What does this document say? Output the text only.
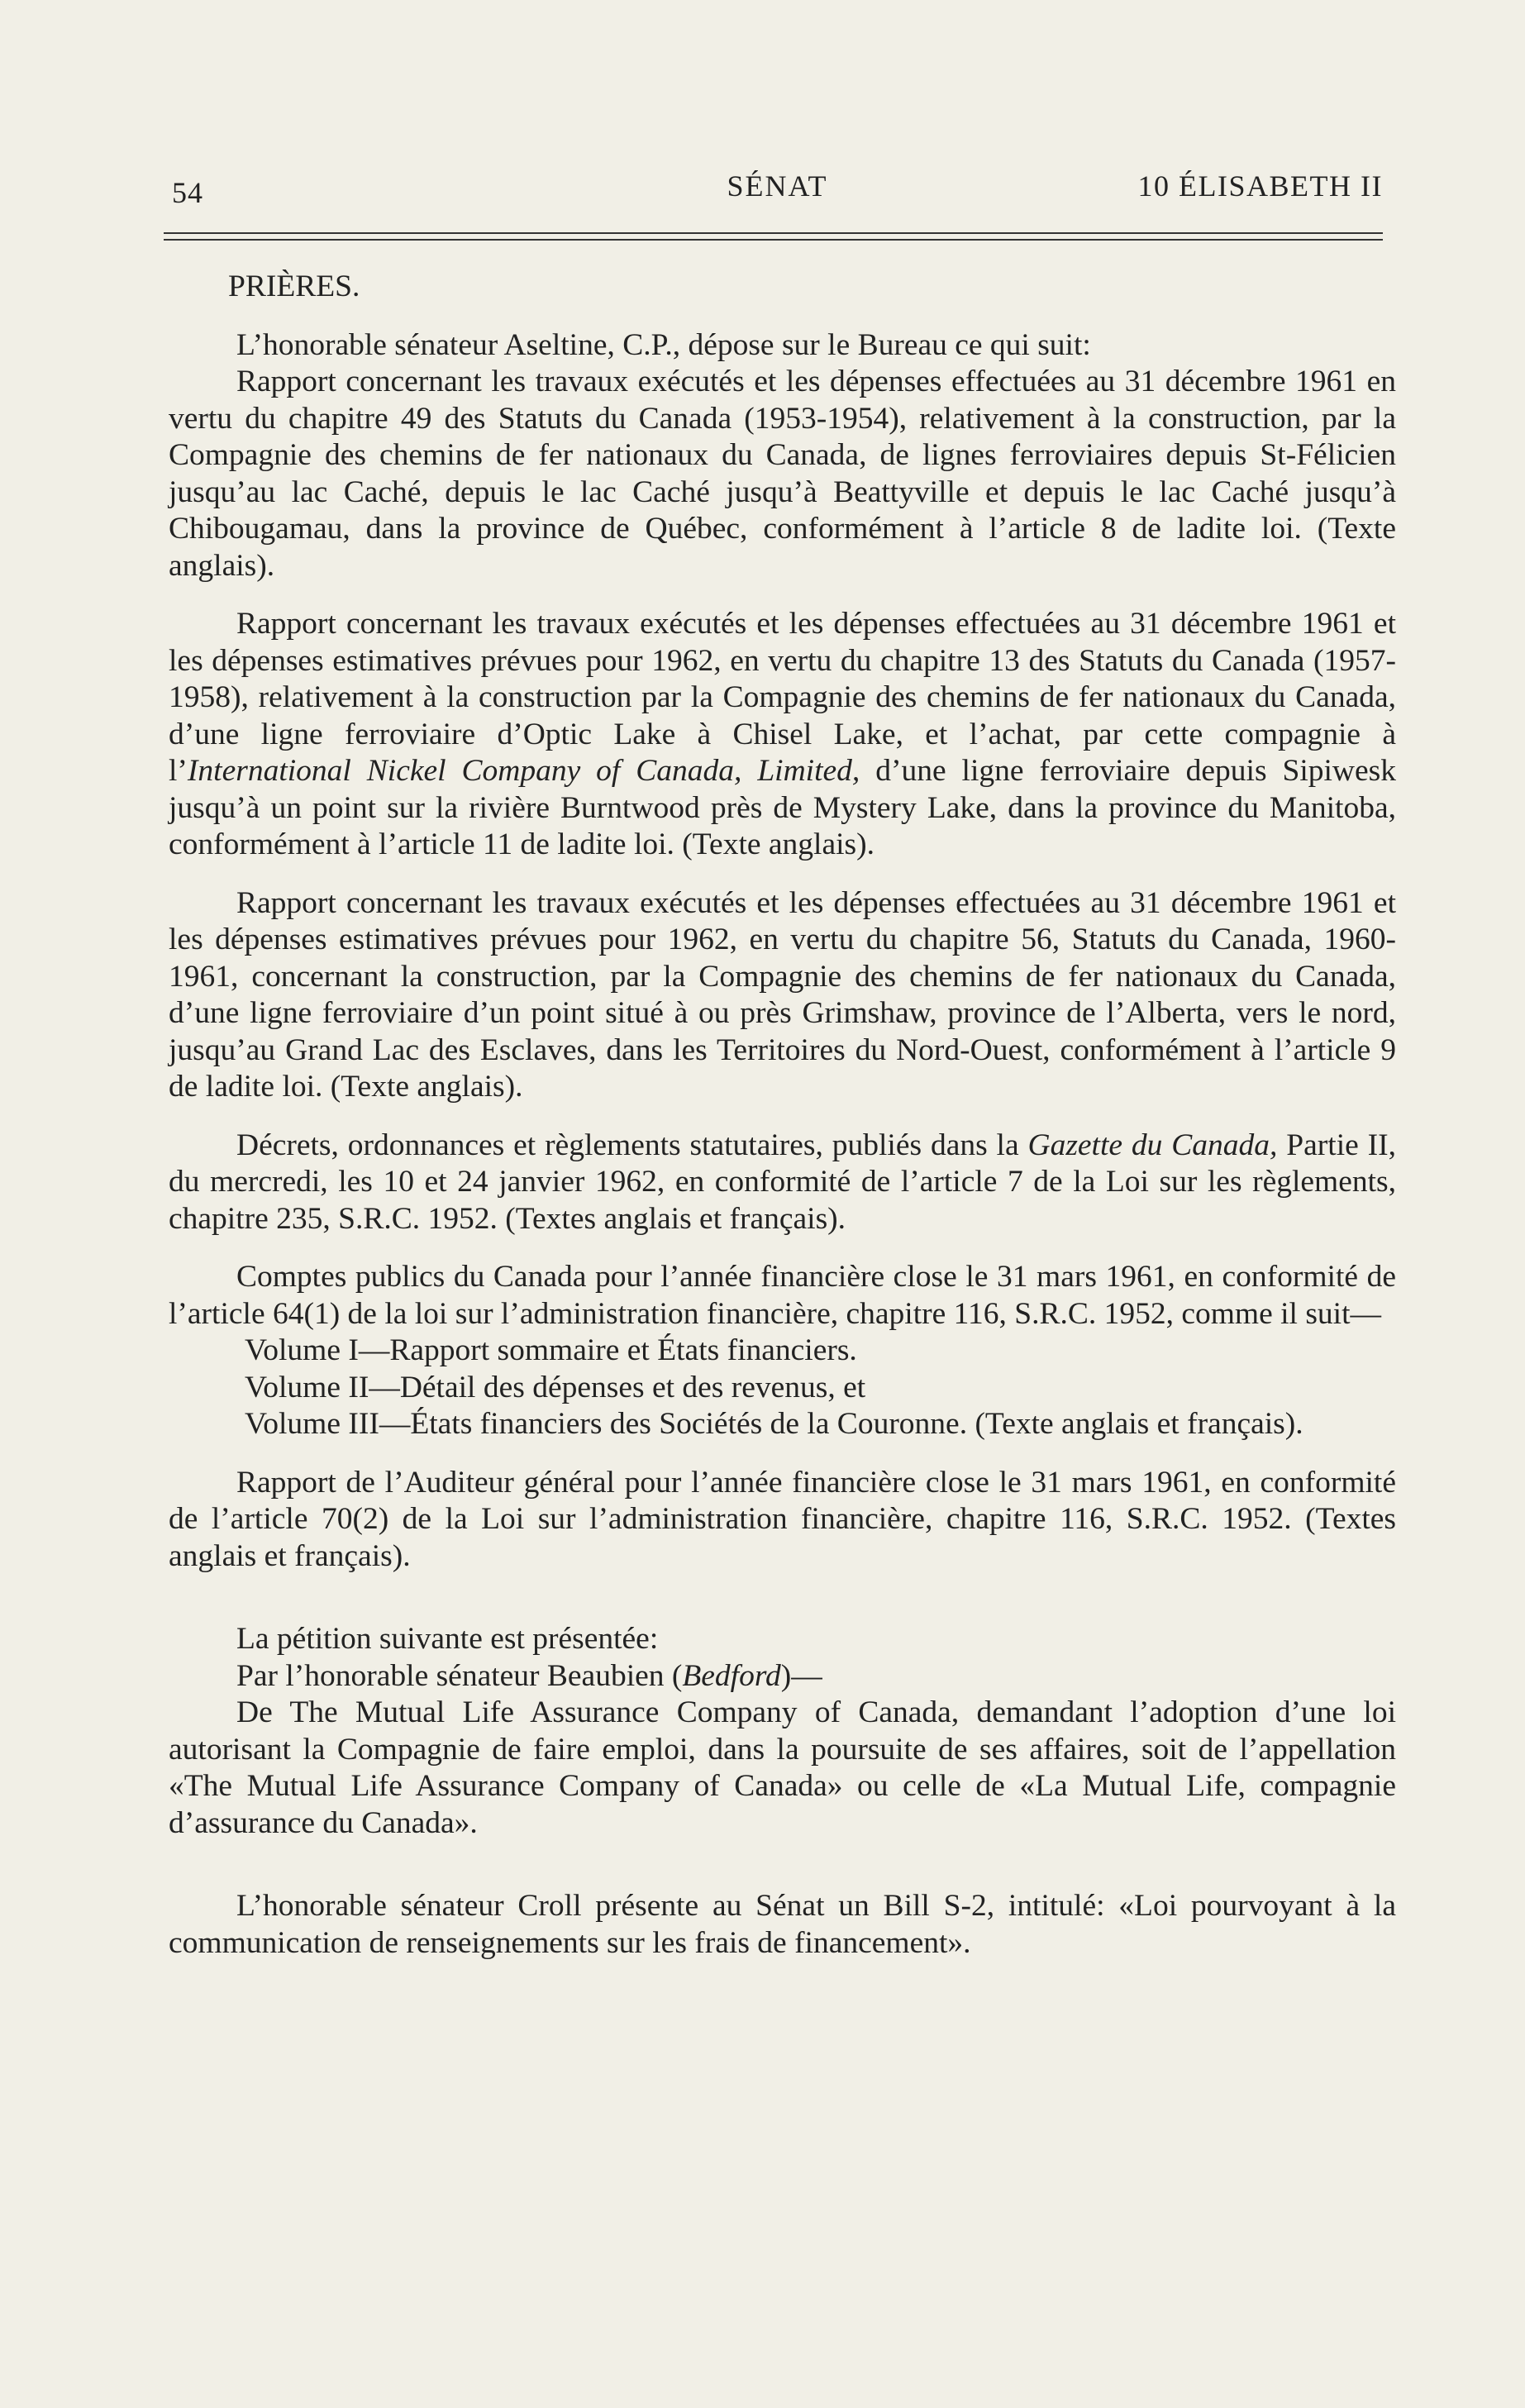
54	SÉNAT	10 ÉLISABETH II

PRIÈRES.

L’honorable sénateur Aseltine, C.P., dépose sur le Bureau ce qui suit:

Rapport concernant les travaux exécutés et les dépenses effectuées au 31 décembre 1961 en vertu du chapitre 49 des Statuts du Canada (1953-1954), relativement à la construction, par la Compagnie des chemins de fer nationaux du Canada, de lignes ferroviaires depuis St-Félicien jusqu’au lac Caché, depuis le lac Caché jusqu’à Beattyville et depuis le lac Caché jusqu’à Chibougamau, dans la province de Québec, conformément à l’article 8 de ladite loi. (Texte anglais).

Rapport concernant les travaux exécutés et les dépenses effectuées au 31 décembre 1961 et les dépenses estimatives prévues pour 1962, en vertu du chapitre 13 des Statuts du Canada (1957-1958), relativement à la construction par la Compagnie des chemins de fer nationaux du Canada, d’une ligne ferroviaire d’Optic Lake à Chisel Lake, et l’achat, par cette compagnie à l’International Nickel Company of Canada, Limited, d’une ligne ferroviaire depuis Sipiwesk jusqu’à un point sur la rivière Burntwood près de Mystery Lake, dans la province du Manitoba, conformément à l’article 11 de ladite loi. (Texte anglais).

Rapport concernant les travaux exécutés et les dépenses effectuées au 31 décembre 1961 et les dépenses estimatives prévues pour 1962, en vertu du chapitre 56, Statuts du Canada, 1960-1961, concernant la construction, par la Compagnie des chemins de fer nationaux du Canada, d’une ligne ferroviaire d’un point situé à ou près Grimshaw, province de l’Alberta, vers le nord, jusqu’au Grand Lac des Esclaves, dans les Territoires du Nord-Ouest, conformément à l’article 9 de ladite loi. (Texte anglais).

Décrets, ordonnances et règlements statutaires, publiés dans la Gazette du Canada, Partie II, du mercredi, les 10 et 24 janvier 1962, en conformité de l’article 7 de la Loi sur les règlements, chapitre 235, S.R.C. 1952. (Textes anglais et français).

Comptes publics du Canada pour l’année financière close le 31 mars 1961, en conformité de l’article 64(1) de la loi sur l’administration financière, chapitre 116, S.R.C. 1952, comme il suit—

Volume I—Rapport sommaire et États financiers.

Volume II—Détail des dépenses et des revenus, et

Volume III—États financiers des Sociétés de la Couronne. (Texte anglais et français).

Rapport de l’Auditeur général pour l’année financière close le 31 mars 1961, en conformité de l’article 70(2) de la Loi sur l’administration financière, chapitre 116, S.R.C. 1952. (Textes anglais et français).

La pétition suivante est présentée:

Par l’honorable sénateur Beaubien (Bedford)—

De The Mutual Life Assurance Company of Canada, demandant l’adoption d’une loi autorisant la Compagnie de faire emploi, dans la poursuite de ses affaires, soit de l’appellation «The Mutual Life Assurance Company of Canada» ou celle de «La Mutual Life, compagnie d’assurance du Canada».

L’honorable sénateur Croll présente au Sénat un Bill S-2, intitulé: «Loi pourvoyant à la communication de renseignements sur les frais de financement».
